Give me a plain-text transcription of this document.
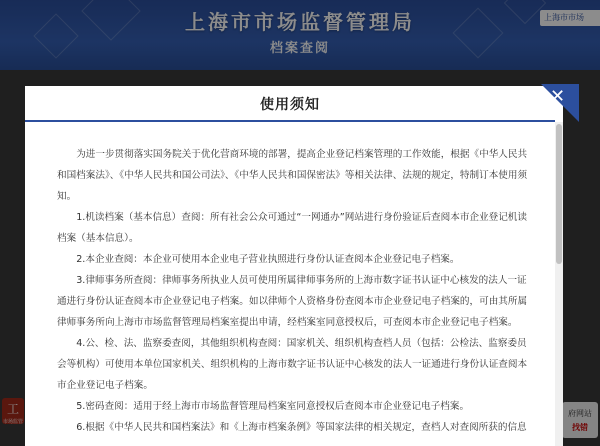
上海市市场监督管理局
档案查阅
上海市市场
工
市场监管
府网站
找错
使用须知	✕

为进一步贯彻落实国务院关于优化营商环境的部署，提高企业登记档案管理的工作效能，根据《中华人民共和国档案法》、《中华人民共和国公司法》、《中华人民共和国保密法》等相关法律、法规的规定，特制订本使用须知。

1.机读档案（基本信息）查阅：所有社会公众可通过“一网通办”网站进行身份验证后查阅本市企业登记机读档案（基本信息）。

2.本企业查阅：本企业可使用本企业电子营业执照进行身份认证查阅本企业登记电子档案。

3.律师事务所查阅：律师事务所执业人员可使用所属律师事务所的上海市数字证书认证中心核发的法人一证通进行身份认证查阅本市企业登记电子档案。如以律师个人资格身份查阅本市企业登记电子档案的，可由其所属律师事务所向上海市市场监督管理局档案室提出申请，经档案室同意授权后，可查阅本市企业登记电子档案。

4.公、检、法、监察委查阅，其他组织机构查阅：国家机关、组织机构查档人员（包括：公检法、监察委员会等机构）可使用本单位国家机关、组织机构的上海市数字证书认证中心核发的法人一证通进行身份认证查阅本市企业登记电子档案。

5.密码查阅：适用于经上海市市场监督管理局档案室同意授权后查阅本市企业登记电子档案。

6.根据《中华人民共和国档案法》和《上海市档案条例》等国家法律的相关规定，查档人对查阅所获的信息
